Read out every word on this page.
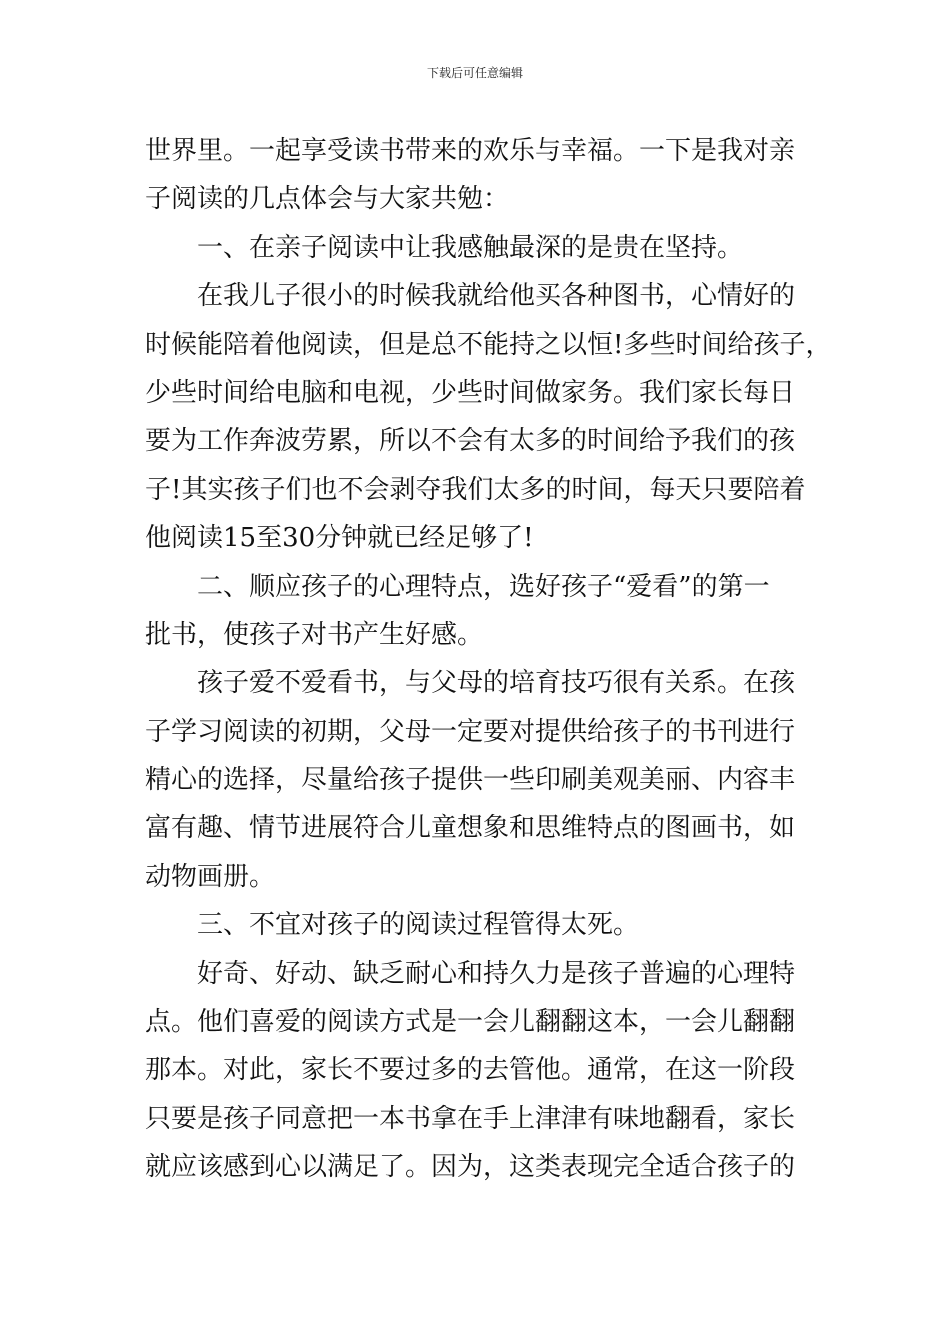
下载后可任意编辑
世界里。一起享受读书带来的欢乐与幸福。一下是我对亲
子阅读的几点体会与大家共勉：
一、在亲子阅读中让我感触最深的是贵在坚持。
在我儿子很小的时候我就给他买各种图书，心情好的
时候能陪着他阅读，但是总不能持之以恒!多些时间给孩子，
少些时间给电脑和电视，少些时间做家务。我们家长每日
要为工作奔波劳累，所以不会有太多的时间给予我们的孩
子!其实孩子们也不会剥夺我们太多的时间，每天只要陪着
他阅读15至30分钟就已经足够了!
二、顺应孩子的心理特点，选好孩子“爱看”的第一
批书，使孩子对书产生好感。
孩子爱不爱看书，与父母的培育技巧很有关系。在孩
子学习阅读的初期，父母一定要对提供给孩子的书刊进行
精心的选择，尽量给孩子提供一些印刷美观美丽、内容丰
富有趣、情节进展符合儿童想象和思维特点的图画书，如
动物画册。
三、不宜对孩子的阅读过程管得太死。
好奇、好动、缺乏耐心和持久力是孩子普遍的心理特
点。他们喜爱的阅读方式是一会儿翻翻这本，一会儿翻翻
那本。对此，家长不要过多的去管他。通常，在这一阶段
只要是孩子同意把一本书拿在手上津津有味地翻看，家长
就应该感到心以满足了。因为，这类表现完全适合孩子的
